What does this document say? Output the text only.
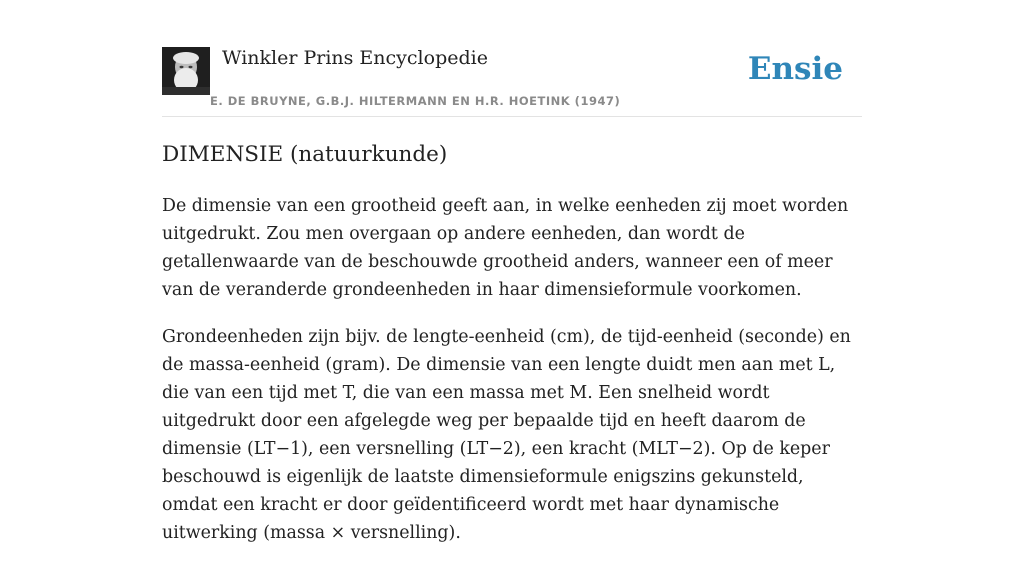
Winkler Prins Encyclopedie
E. DE BRUYNE, G.B.J. HILTERMANN EN H.R. HOETINK (1947)
Ensie
DIMENSIE (natuurkunde)

De dimensie van een grootheid geeft aan, in welke eenheden zij moet worden uitgedrukt. Zou men overgaan op andere eenheden, dan wordt de getallenwaarde van de beschouwde grootheid anders, wanneer een of meer van de veranderde grondeenheden in haar dimensieformule voorkomen.

Grondeenheden zijn bijv. de lengte-eenheid (cm), de tijd-eenheid (seconde) en de massa-eenheid (gram). De dimensie van een lengte duidt men aan met L, die van een tijd met T, die van een massa met M. Een snelheid wordt uitgedrukt door een afgelegde weg per bepaalde tijd en heeft daarom de dimensie (LT−1), een versnelling (LT−2), een kracht (MLT−2). Op de keper beschouwd is eigenlijk de laatste dimensieformule enigszins gekunsteld, omdat een kracht er door geïdentificeerd wordt met haar dynamische uitwerking (massa × versnelling).
